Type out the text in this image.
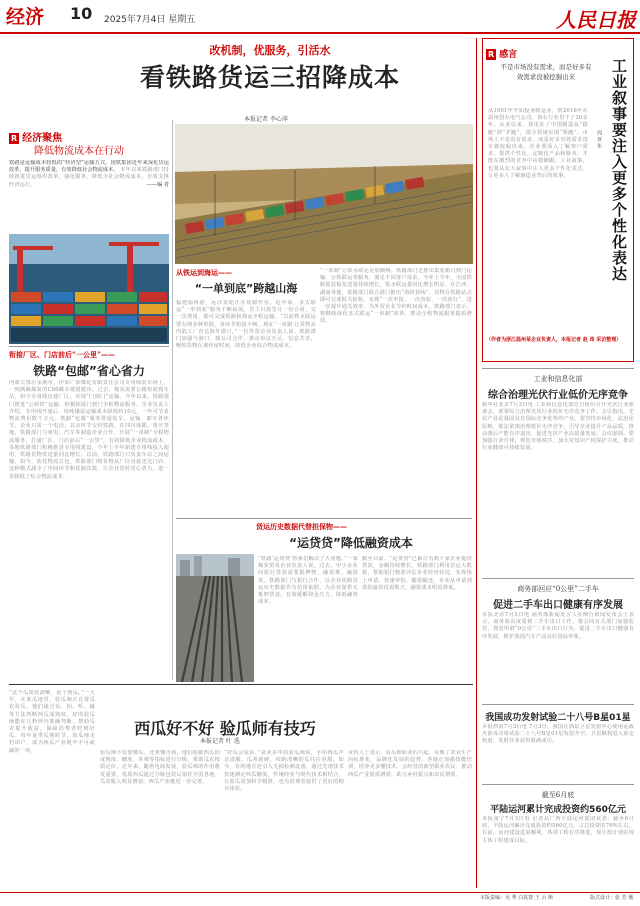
经济 10 2025年7月4日 星期五	人民日报
改机制，优服务，引活水
看铁路货运三招降成本
本报记者 李心萍
R 经济聚焦
降低物流成本在行动
铁路是运输成本较低的“经济型”运输方式。国铁集团近年来深化货运改革，提升服务质量，有效降低社会物流成本。 本年以来铁路部门持续推进货运组织改革，强化服务，降低全社会物流成本，有效支撑经济运行。	——编 者
衔接厂区、门店前后“一公里”——
铁路“包邮”省心省力
内蒙古鄂尔多斯市，伊泰广泰煤化有限责任公司专用线装车场上，一列满载煤炭的C80敞车缓缓驶出。过去，煤炭需要公路短驳到车站，如今专用线直通厂区，实现“门到门”运输。今年以来，铁路部门推进“公转铁”运输，积极拓展门到门全程物流服务。企业负责人介绍，专用线开通后，每吨煤炭运输成本降低约10元，一年可节省物流费用数千万元。铁路“包邮”服务贯通装车、运输、卸车各环节，企业只需一个电话，其余环节交给铁路。在四川成都、重庆等地，铁路部门与家电、汽车等制造企业合作，开展“一单制”全程物流服务，打通厂区、门店前后“一公里”，有效降低企业物流成本。多地铁路部门积极推进专用线建设，今年上半年新建专用线投入使用，铁路货物发送量同比增长。以前，铁路部门只负责车站之间运输，如今，依托物流总包，铁路部门将货物从厂区直接送达门店。这种模式减少了中间环节和装卸次数，让企业省时省心省力，进一步降低了综合物流成本。
从铁运到海运——
“一单到底”跨越山海
福建福州港，远洋货轮正在装卸作业。近年来，多式联运“一单到底”服务不断拓展，货主只需签订一份合同、交一次费用，即可完成铁路和海运全程运输。“以前铁水联运要办理多种单据，各环节衔接不畅。现在‘一单制’让货物从内陆工厂直达海外港口。”一位外贸企业负责人说。铁路部门加强与港口、船公司合作，推动单证互认、信息共享，缩短货物在港停留时间，降低企业综合物流成本。
“一单制”让铁水联运更加顺畅。铁路部门还推出集装箱门到门运输、公铁联运等服务，满足不同客户需求。今年上半年，全国铁路集装箱发送量持续增长，铁水联运量同比增长明显。在江西、湖南等地，铁路部门联合港口推出“海铁快线”，货物在铁路站点即可完成报关报检，实现“一次申报、一次查验、一次放行”，进一步提升通关效率，为外贸企业节约时间成本。铁路部门表示，将继续深化多式联运“一单制”改革，推动全程物流服务提质增效。
货运历史数据代替担保物——
“运贷贷”降低融资成本
“铁路‘运贷贷’帮我们解决了大问题。”一家煤炭贸易企业负责人说。过去，中小企业向银行贷款需要抵押物，融资难、融资贵。铁路部门与银行合作，以企业铁路货运历史数据作为信用依据，为企业提供无抵押贷款，有效缓解资金压力，降低融资成本。
截至目前，“运贷贷”已累计为数千家企业提供贷款，金额持续增长。铁路部门利用货运大数据，帮助银行精准评估企业经营状况，实现线上申请、快速审批、随借随还，企业从申请到放款最快仅需数天，融资成本明显降低。
“这个瓜皮纹清晰，是个熟瓜。”一大早，在某瓜地里，验瓜师正在帮瓜农验瓜。他们通过看、拍、听、敲等方法判断西瓜成熟度。好的验瓜师能在几秒钟内准确判断，帮助瓜农提升收益，保障消费者吃到好瓜。每年夏季瓜熟时节，验瓜师走村串户，成为西瓜产业链中不可或缺的一环。
西瓜好不好 验瓜师有技巧
本报记者 叶 选
验瓜师不仅要懂瓜，还要懂市场。他们根据西瓜的成熟度、糖度、外观等指标进行分级，帮助瓜农按质论价。近年来，随着电商发展，验瓜师的作用愈发重要，优质西瓜通过分级包装后销往全国各地，瓜农收入明显增加，西瓜产业链进一步完善。
“好瓜会说话。”从业多年的验瓜师说，手拍西瓜声音清脆、瓜蒂新鲜、纹路清晰的瓜往往更甜。如今，有的地方还引入无损检测设备，通过光谱技术快速测定西瓜糖度，传统经验与现代技术相结合，让验瓜更加科学精准，也为消费者提供了更好的购买体验。
业内人士表示，验瓜师职业的兴起，反映了农业生产向标准化、品牌化发展的趋势。各地正加强技能培训，培养更多懂技术、会经营的新型职业农民，推动西瓜产业提质增效，助力乡村振兴和农民增收。
R 感言
不是市场没有需求，而是好多有效需求没被挖掘出来	工业叙事要注入更多个性化表达
周 亚 东
从1991年开始投身制造业，到2016年在温州创办电气公司，我在行业里干了30多年。从业以来，我见证了中国制造从“跟跑”到“并跑”，部分领域实现“领跑”。市场上不是没有需求，而是好多有效需求没有被挖掘出来。企业要深入了解客户需求，提供个性化、定制化产品和服务，才能在激烈的竞争中站稳脚跟。工业叙事，也要从宏大叙事中注入更多个性化表达，让更多人了解制造业背后的故事。
（作者为浙江温州某企业负责人，本报记者 赵 昂 采访整理）
工业和信息化部
综合治理光伏行业低价无序竞争
新华社北京7月3日电 工业和信息化部近日组织召开光伏行业座谈会，部署综合治理光伏行业低价无序竞争工作。会议指出，光伏产业是我国具有国际竞争优势的产业，要坚持市场化、法治化原则，依法依规治理低价无序竞争，引导企业提升产品品质，推动落后产能有序退出，促进光伏产业高质量发展。会议强调，要加强行业自律，规范市场秩序，加大对知识产权保护力度，推动行业健康可持续发展。
商务部回应“0公里”二手车
促进二手车出口健康有序发展
本报北京7月3日电 商务部新闻发言人在例行新闻发布会上表示，商务部高度重视二手车出口工作，将会同有关部门加强监管，规范所谓“0公里”二手车出口行为，促进二手车出口健康有序发展，维护我国汽车产品良好国际形象。
我国成功发射试验二十八号B星01星
本报酒泉7月3日电 7月3日，我国在酒泉卫星发射中心使用运载火箭成功将试验二十八号B星01星发射升空，卫星顺利进入预定轨道，发射任务获得圆满成功。
截至6月底
平陆运河累计完成投资约560亿元
本报南宁7月3日电 记者从广西平陆运河集团获悉：截至6月底，平陆运河累计完成投资约560亿元，占总投资的76%左右。目前，运河建设进展顺利，各项工程有序推进，预计按计划实现主体工程建成目标。
本版责编：吴 秀 白真智 王 云 斯	版式设计：张 芳 璠
